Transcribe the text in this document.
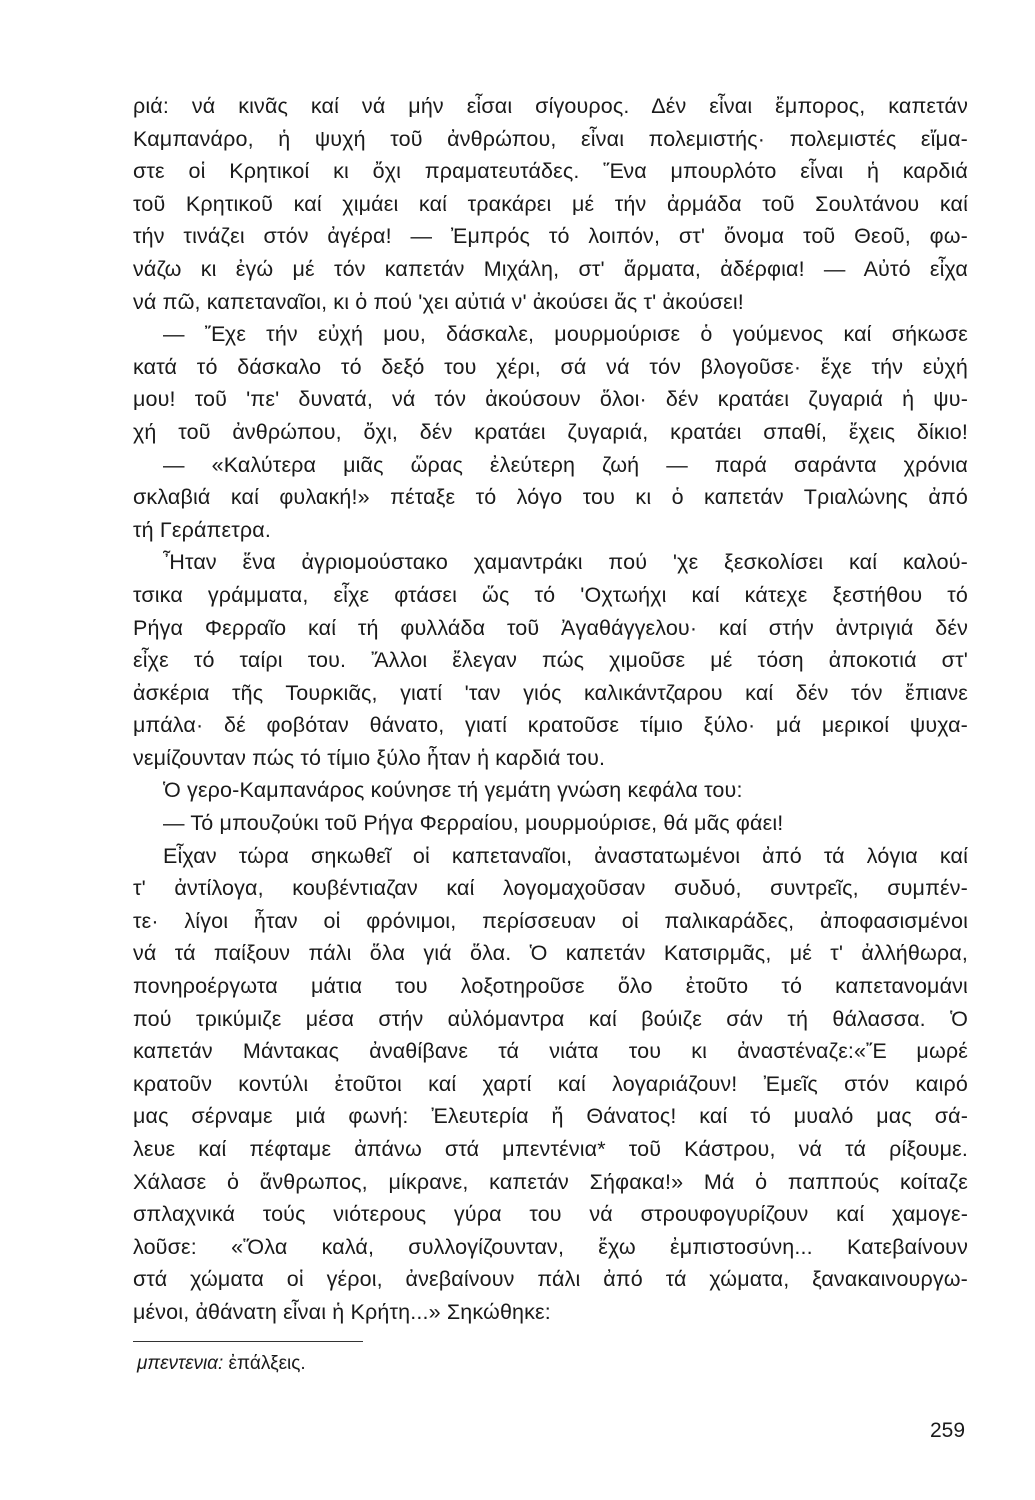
ριά: νά κινᾶς καί νά μήν εἶσαι σίγουρος. Δέν εἶναι ἔμπορος, καπετάν
Καμπανάρο, ἡ ψυχή τοῦ ἀνθρώπου, εἶναι πολεμιστής· πολεμιστές εἴμα-
στε οἱ Κρητικοί κι ὄχι πραματευτάδες. Ἕνα μπουρλότο εἶναι ἡ καρδιά
τοῦ Κρητικοῦ καί χιμάει καί τρακάρει μέ τήν ἀρμάδα τοῦ Σουλτάνου καί
τήν τινάζει στόν ἀγέρα! — Ἐμπρός τό λοιπόν, στ' ὄνομα τοῦ Θεοῦ, φω-
νάζω κι ἐγώ μέ τόν καπετάν Μιχάλη, στ' ἅρματα, ἀδέρφια! — Αὐτό εἶχα
νά πῶ, καπεταναῖοι, κι ὁ πού 'χει αὐτιά ν' ἀκούσει ἄς τ' ἀκούσει!
— Ἔχε τήν εὐχή μου, δάσκαλε, μουρμούρισε ὁ γούμενος καί σήκωσε
κατά τό δάσκαλο τό δεξό του χέρι, σά νά τόν βλογοῦσε· ἔχε τήν εὐχή
μου! τοῦ 'πε' δυνατά, νά τόν ἀκούσουν ὅλοι· δέν κρατάει ζυγαριά ἡ ψυ-
χή τοῦ ἀνθρώπου, ὄχι, δέν κρατάει ζυγαριά, κρατάει σπαθί, ἔχεις δίκιο!
— «Καλύτερα μιᾶς ὥρας ἐλεύτερη ζωή — παρά σαράντα χρόνια
σκλαβιά καί φυλακή!» πέταξε τό λόγο του κι ὁ καπετάν Τριαλώνης ἀπό
τή Γεράπετρα.
Ἦταν ἕνα ἀγριομούστακο χαμαντράκι πού 'χε ξεσκολίσει καί καλού-
τσικα γράμματα, εἶχε φτάσει ὥς τό 'Οχτωήχι καί κάτεχε ξεστήθου τό
Ρήγα Φερραῖο καί τή φυλλάδα τοῦ Ἀγαθάγγελου· καί στήν ἀντριγιά δέν
εἶχε τό ταίρι του. Ἄλλοι ἔλεγαν πώς χιμοῦσε μέ τόση ἀποκοτιά στ'
ἀσκέρια τῆς Τουρκιᾶς, γιατί 'ταν γιός καλικάντζαρου καί δέν τόν ἔπιανε
μπάλα· δέ φοβόταν θάνατο, γιατί κρατοῦσε τίμιο ξύλο· μά μερικοί ψυχα-
νεμίζουνταν πώς τό τίμιο ξύλο ἦταν ἡ καρδιά του.
Ὁ γερο-Καμπανάρος κούνησε τή γεμάτη γνώση κεφάλα του:
— Τό μπουζούκι τοῦ Ρήγα Φερραίου, μουρμούρισε, θά μᾶς φάει!
Εἶχαν τώρα σηκωθεῖ οἱ καπεταναῖοι, ἀναστατωμένοι ἀπό τά λόγια καί
τ' ἀντίλογα, κουβέντιαζαν καί λογομαχοῦσαν συδυό, συντρεῖς, συμπέν-
τε· λίγοι ἦταν οἱ φρόνιμοι, περίσσευαν οἱ παλικαράδες, ἀποφασισμένοι
νά τά παίξουν πάλι ὅλα γιά ὅλα. Ὁ καπετάν Κατσιρμᾶς, μέ τ' ἀλλήθωρα,
πονηροέργωτα μάτια του λοξοτηροῦσε ὅλο ἐτοῦτο τό καπετανομάνι
πού τρικύμιζε μέσα στήν αὐλόμαντρα καί βούιζε σάν τή θάλασσα. Ὁ
καπετάν Μάντακας ἀναθίβανε τά νιάτα του κι ἀναστέναζε:«Ἔ μωρέ
κρατοῦν κοντύλι ἐτοῦτοι καί χαρτί καί λογαριάζουν! Ἐμεῖς στόν καιρό
μας σέρναμε μιά φωνή: Ἐλευτερία ἤ Θάνατος! καί τό μυαλό μας σά-
λευε καί πέφταμε ἀπάνω στά μπεντένια* τοῦ Κάστρου, νά τά ρίξουμε.
Χάλασε ὁ ἄνθρωπος, μίκρανε, καπετάν Σήφακα!» Μά ὁ παππούς κοίταζε
σπλαχνικά τούς νιότερους γύρα του νά στρουφογυρίζουν καί χαμογε-
λοῦσε: «Ὅλα καλά, συλλογίζουνταν, ἔχω ἐμπιστοσύνη... Κατεβαίνουν
στά χώματα οἱ γέροι, ἀνεβαίνουν πάλι ἀπό τά χώματα, ξανακαινουργω-
μένοι, ἀθάνατη εἶναι ἡ Κρήτη...» Σηκώθηκε:
μπεντενια: ἐπάλξεις.
259
